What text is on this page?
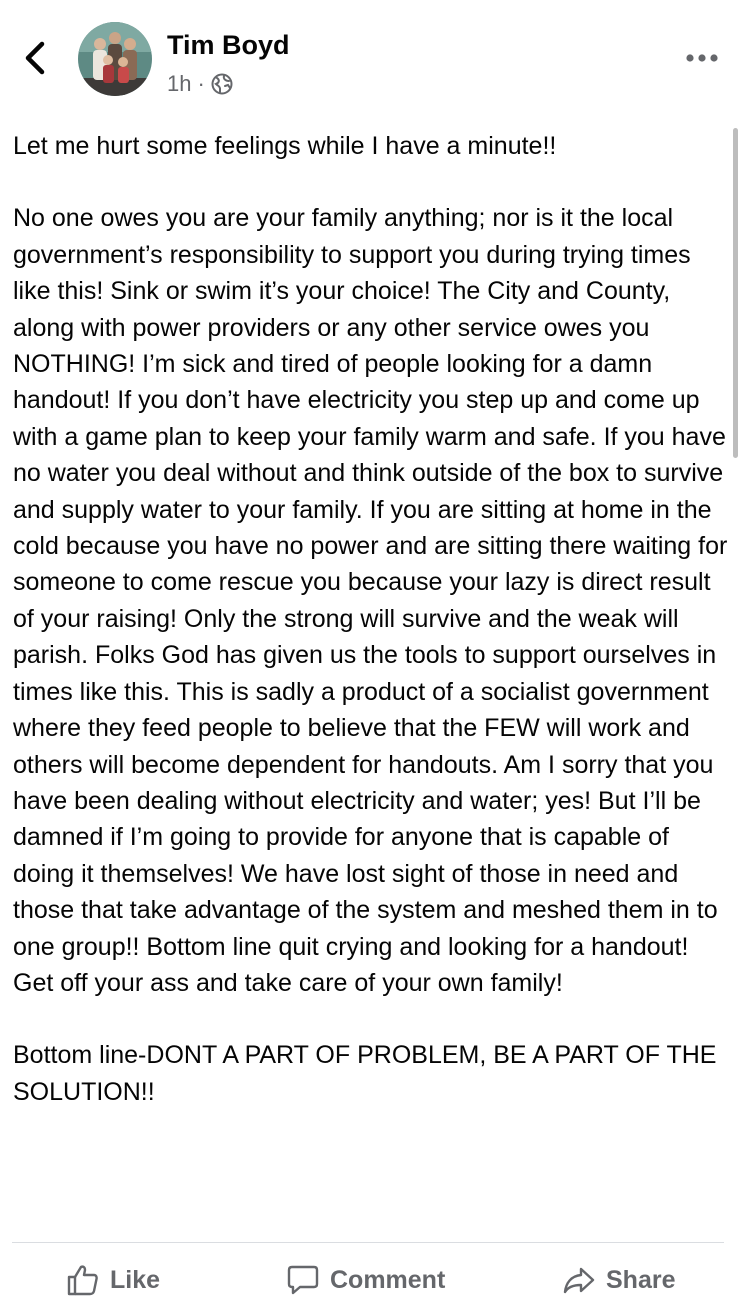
Tim Boyd
1h ·

Let me hurt some feelings while I have a minute!!

No one owes you are your family anything; nor is it the local government’s responsibility to support you during trying times like this! Sink or swim it’s your choice! The City and County, along with power providers or any other service owes you NOTHING! I’m sick and tired of people looking for a damn handout! If you don’t have electricity you step up and come up with a game plan to keep your family warm and safe. If you have no water you deal without and think outside of the box to survive and supply water to your family. If you are sitting at home in the cold because you have no power and are sitting there waiting for someone to come rescue you because your lazy is direct result of your raising! Only the strong will survive and the weak will parish. Folks God has given us the tools to support ourselves in times like this. This is sadly a product of a socialist government where they feed people to believe that the FEW will work and others will become dependent for handouts. Am I sorry that you have been dealing without electricity and water; yes! But I’ll be damned if I’m going to provide for anyone that is capable of doing it themselves! We have lost sight of those in need and those that take advantage of the system and meshed them in to one group!! Bottom line quit crying and looking for a handout! Get off your ass and take care of your own family!

Bottom line-DONT A PART OF PROBLEM, BE A PART OF THE SOLUTION!!

Like	Comment	Share
